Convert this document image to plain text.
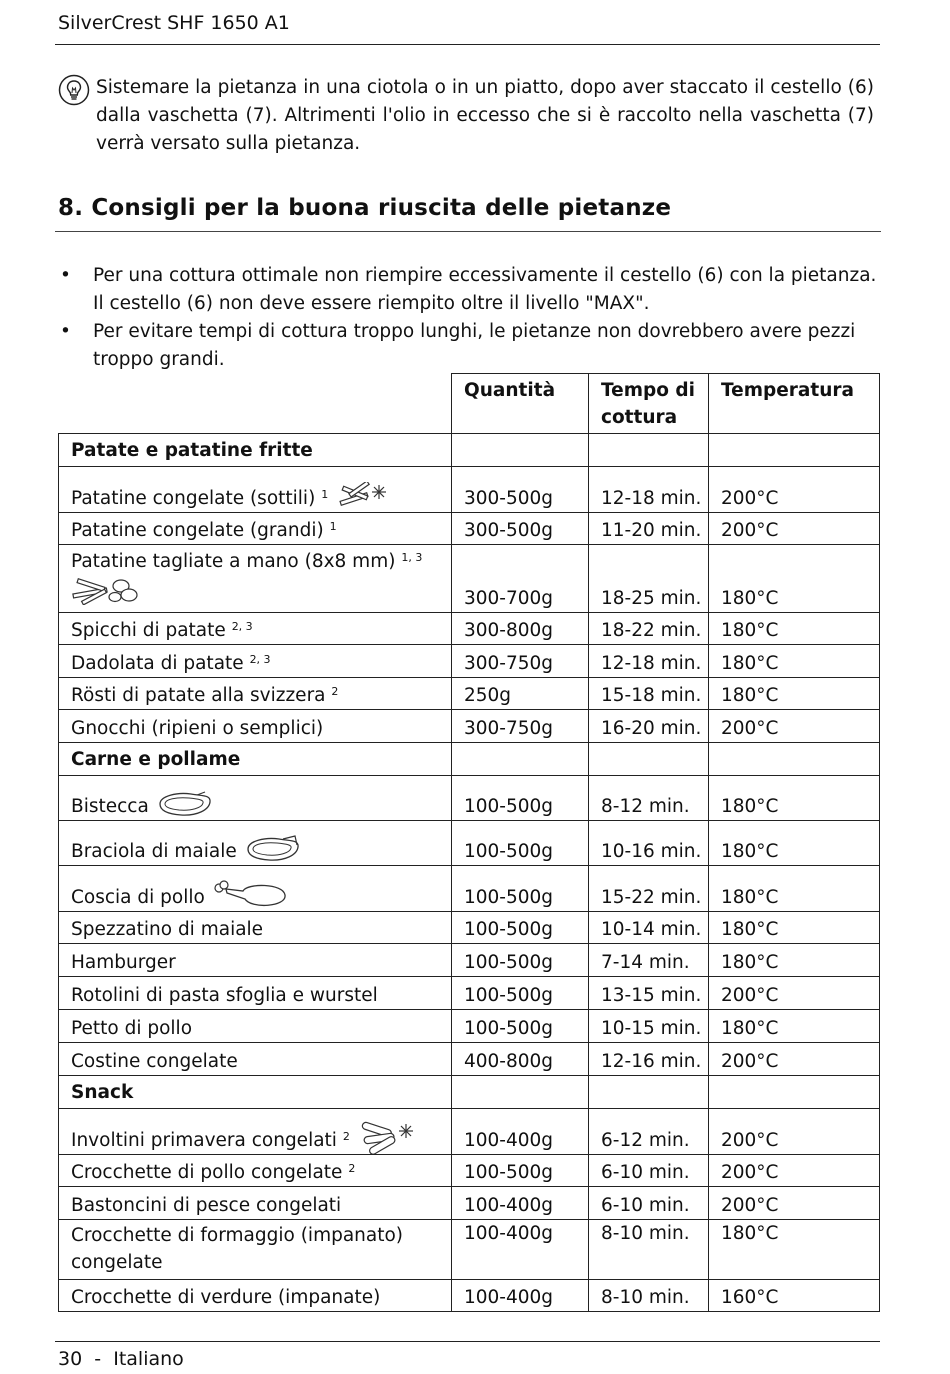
SilverCrest SHF 1650 A1
Sistemare la pietanza in una ciotola o in un piatto, dopo aver staccato il cestello (6) dalla vaschetta (7). Altrimenti l'olio in eccesso che si è raccolto nella vaschetta (7) verrà versato sulla pietanza.
8. Consigli per la buona riuscita delle pietanze
• Per una cottura ottimale non riempire eccessivamente il cestello (6) con la pietanza. Il cestello (6) non deve essere riempito oltre il livello "MAX".
• Per evitare tempi di cottura troppo lunghi, le pietanze non dovrebbero avere pezzi troppo grandi.
	Quantità	Tempo di cottura	Temperatura
Patate e patatine fritte			
Patatine congelate (sottili) $^1$	300-500g	12-18 min.	200°C
Patatine congelate (grandi) $^1$	300-500g	11-20 min.	200°C

Patatine tagliate a mano (8x8 mm) $^{1, 3}$	300-700g	18-25 min.	180°C
Spicchi di patate $^{2, 3}$	300-800g	18-22 min.	180°C
Dadolata di patate $^{2, 3}$	300-750g	12-18 min.	180°C
Rösti di patate alla svizzera $^2$	250g	15-18 min.	180°C
Gnocchi (ripieni o semplici)	300-750g	16-20 min.	200°C
Carne e pollame			
Bistecca	100-500g	8-12 min.	180°C
Braciola di maiale	100-500g	10-16 min.	180°C
Coscia di pollo	100-500g	15-22 min.	180°C
Spezzatino di maiale	100-500g	10-14 min.	180°C
Hamburger	100-500g	7-14 min.	180°C
Rotolini di pasta sfoglia e wurstel	100-500g	13-15 min.	200°C
Petto di pollo	100-500g	10-15 min.	180°C
Costine congelate	400-800g	12-16 min.	200°C
Snack			
Involtini primavera congelati $^2$	100-400g	6-12 min.	200°C
Crocchette di pollo congelate $^2$	100-500g	6-10 min.	200°C
Bastoncini di pesce congelati	100-400g	6-10 min.	200°C

Crocchette di formaggio (impanato) congelate	100-400g	8-10 min.	180°C
Crocchette di verdure (impanate)	100-400g	8-10 min.	160°C
30 - Italiano
